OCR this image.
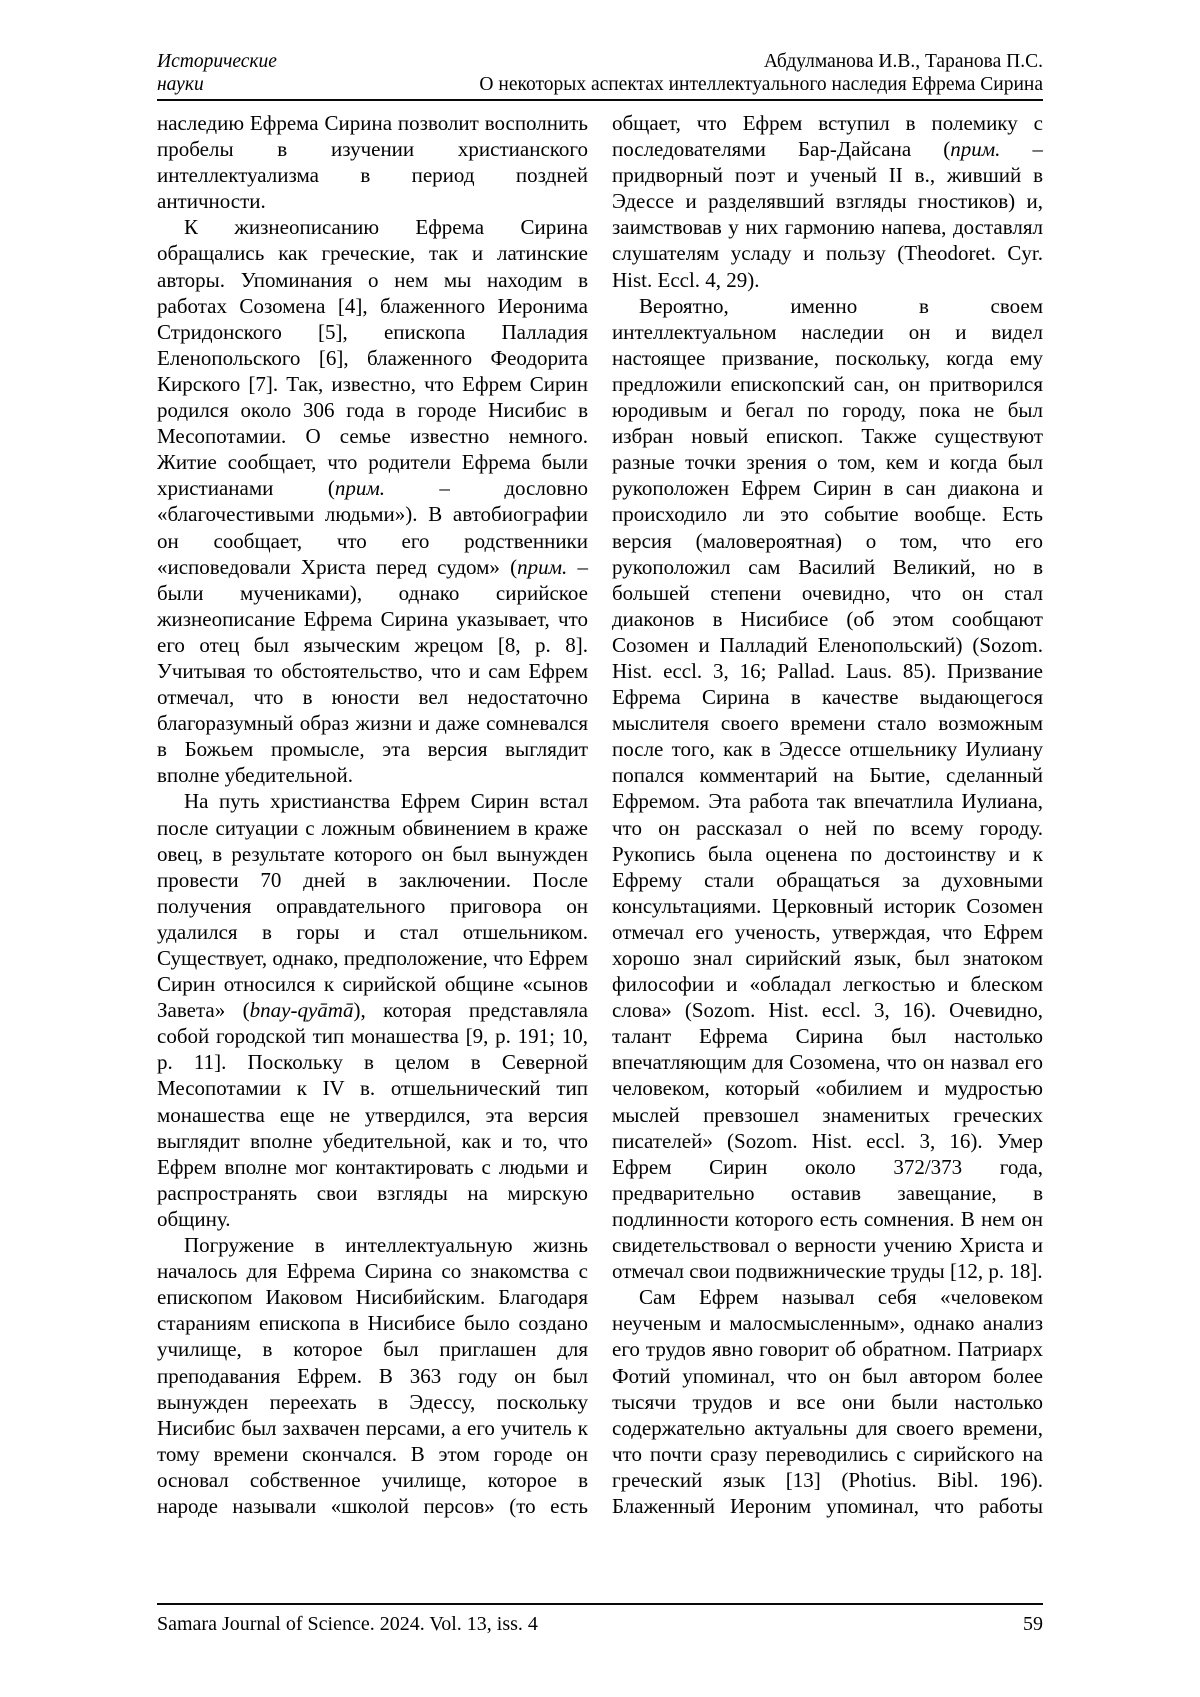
Исторические
науки
Абдулманова И.В., Таранова П.С.
О некоторых аспектах интеллектуального наследия Ефрема Сирина

наследию Ефрема Сирина позволит восполнить пробелы в изучении христианского интеллектуализма в период поздней античности.

К жизнеописанию Ефрема Сирина обращались как греческие, так и латинские авторы. Упоминания о нем мы находим в работах Созомена [4], блаженного Иеронима Стридонского [5], епископа Палладия Еленопольского [6], блаженного Феодорита Кирского [7]. Так, известно, что Ефрем Сирин родился около 306 года в городе Нисибис в Месопотамии. О семье известно немного. Житие сообщает, что родители Ефрема были христианами (прим. – дословно «благочестивыми людьми»). В автобиографии он сообщает, что его родственники «исповедовали Христа перед судом» (прим. – были мучениками), однако сирийское жизнеописание Ефрема Сирина указывает, что его отец был языческим жрецом [8, p. 8]. Учитывая то обстоятельство, что и сам Ефрем отмечал, что в юности вел недостаточно благоразумный образ жизни и даже сомневался в Божьем промысле, эта версия выглядит вполне убедительной.

На путь христианства Ефрем Сирин встал после ситуации с ложным обвинением в краже овец, в результате которого он был вынужден провести 70 дней в заключении. После получения оправдательного приговора он удалился в горы и стал отшельником. Существует, однако, предположение, что Ефрем Сирин относился к сирийской общине «сынов Завета» (bnay-qyāmā), которая представляла собой городской тип монашества [9, p. 191; 10, p. 11]. Поскольку в целом в Северной Месопотамии к IV в. отшельнический тип монашества еще не утвердился, эта версия выглядит вполне убедительной, как и то, что Ефрем вполне мог контактировать с людьми и распространять свои взгляды на мирскую общину.

Погружение в интеллектуальную жизнь началось для Ефрема Сирина со знакомства с епископом Иаковом Нисибийским. Благодаря стараниям епископа в Нисибисе было создано училище, в которое был приглашен для преподавания Ефрем. В 363 году он был вынужден переехать в Эдессу, поскольку Нисибис был захвачен персами, а его учитель к тому времени скончался. В этом городе он основал собственное училище, которое в народе называли «школой персов» (то есть

общает, что Ефрем вступил в полемику с последователями Бар-Дайсана (прим. – придворный поэт и ученый II в., живший в Эдессе и разделявший взгляды гностиков) и, заимствовав у них гармонию напева, доставлял слушателям усладу и пользу (Theodoret. Cyr. Hist. Eccl. 4, 29).

Вероятно, именно в своем интеллектуальном наследии он и видел настоящее призвание, поскольку, когда ему предложили епископский сан, он притворился юродивым и бегал по городу, пока не был избран новый епископ. Также существуют разные точки зрения о том, кем и когда был рукоположен Ефрем Сирин в сан диакона и происходило ли это событие вообще. Есть версия (маловероятная) о том, что его рукоположил сам Василий Великий, но в большей степени очевидно, что он стал диаконов в Нисибисе (об этом сообщают Созомен и Палладий Еленопольский) (Sozom. Hist. eccl. 3, 16; Pallad. Laus. 85). Призвание Ефрема Сирина в качестве выдающегося мыслителя своего времени стало возможным после того, как в Эдессе отшельнику Иулиану попался комментарий на Бытие, сделанный Ефремом. Эта работа так впечатлила Иулиана, что он рассказал о ней по всему городу. Рукопись была оценена по достоинству и к Ефрему стали обращаться за духовными консультациями. Церковный историк Созомен отмечал его ученость, утверждая, что Ефрем хорошо знал сирийский язык, был знатоком философии и «обладал легкостью и блеском слова» (Sozom. Hist. eccl. 3, 16). Очевидно, талант Ефрема Сирина был настолько впечатляющим для Созомена, что он назвал его человеком, который «обилием и мудростью мыслей превзошел знаменитых греческих писателей» (Sozom. Hist. eccl. 3, 16). Умер Ефрем Сирин около 372/373 года, предварительно оставив завещание, в подлинности которого есть сомнения. В нем он свидетельствовал о верности учению Христа и отмечал свои подвижнические труды [12, p. 18].

Сам Ефрем называл себя «человеком неученым и малосмысленным», однако анализ его трудов явно говорит об обратном. Патриарх Фотий упоминал, что он был автором более тысячи трудов и все они были настолько содержательно актуальны для своего времени, что почти сразу переводились с сирийского на греческий язык [13] (Photius. Bibl. 196). Блаженный Иероним упоминал, что работы

Samara Journal of Science. 2024. Vol. 13, iss. 4	59
